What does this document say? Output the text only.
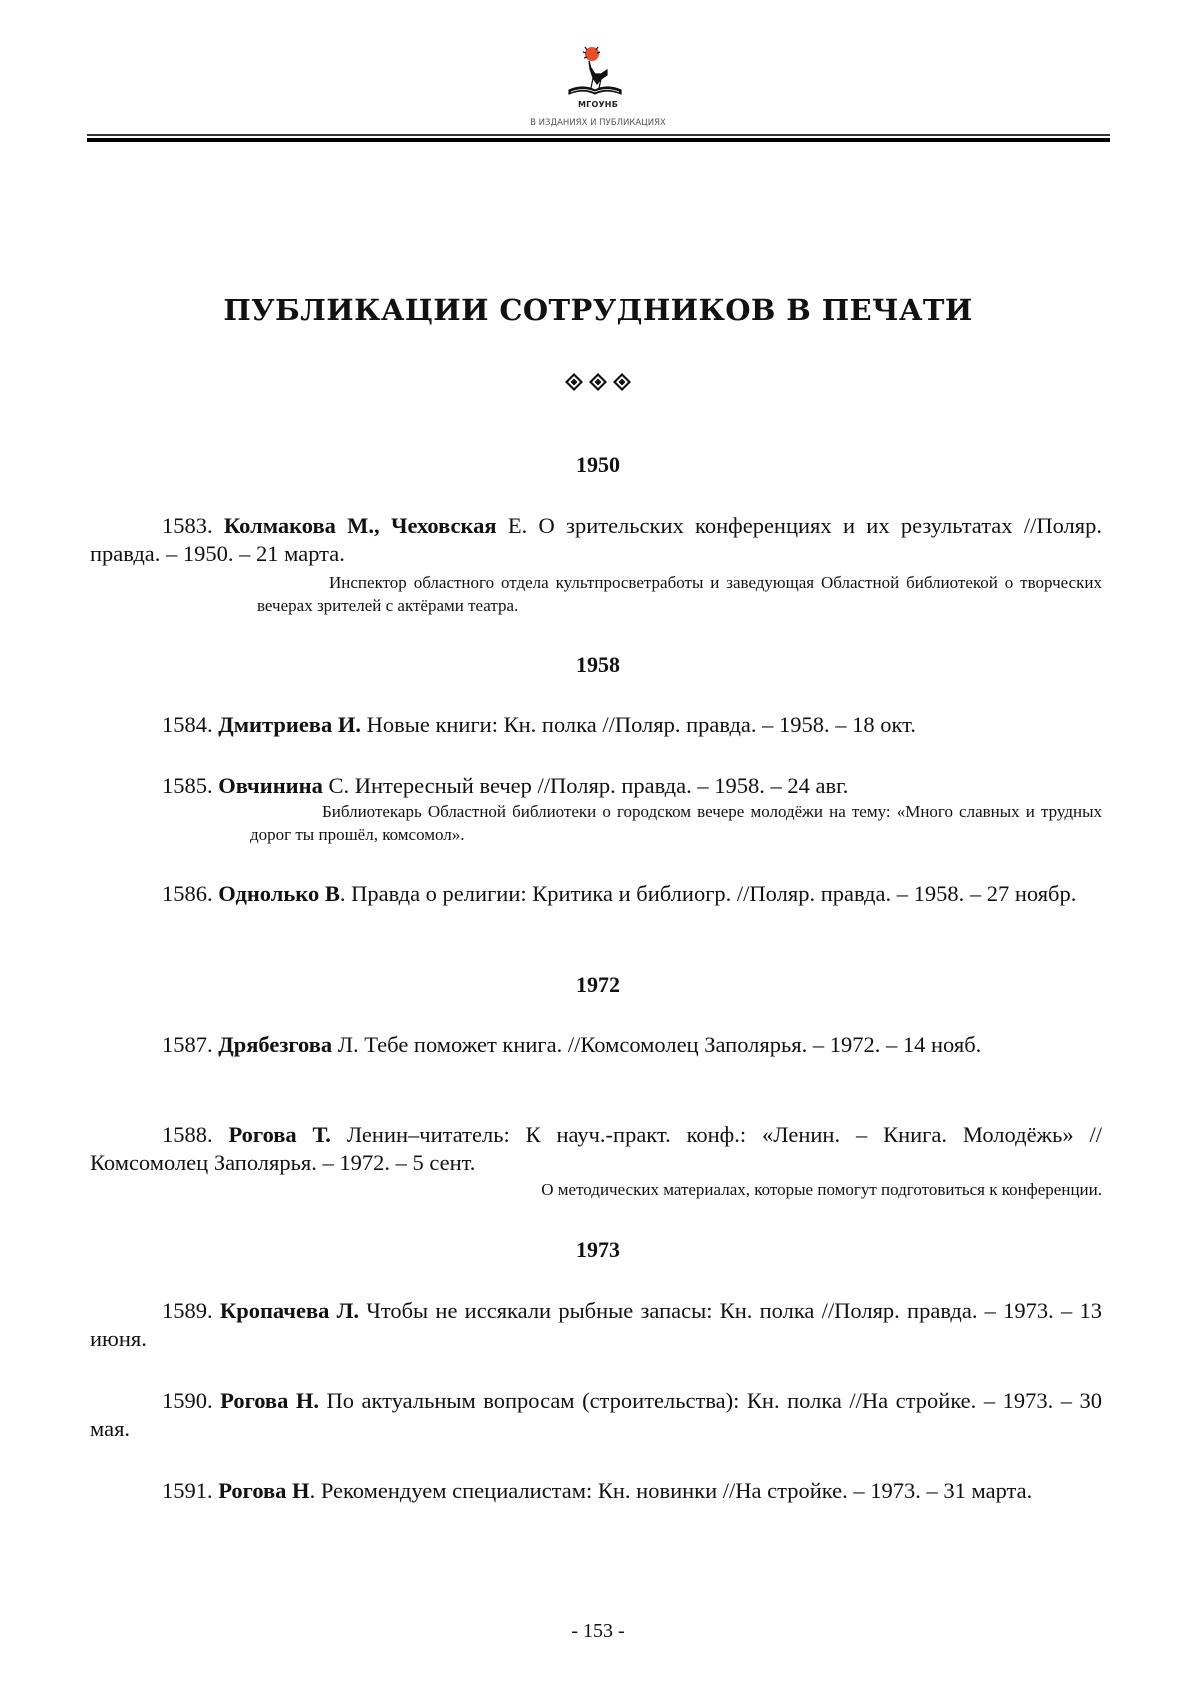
МГОУНБ
В ИЗДАНИЯХ И ПУБЛИКАЦИЯХ
ПУБЛИКАЦИИ СОТРУДНИКОВ В ПЕЧАТИ
1950
1583. Колмакова М., Чеховская Е. О зрительских конференциях и их результатах //Поляр. правда. – 1950. – 21 марта.
Инспектор областного отдела культпросветработы и заведующая Областной библиотекой о творческих вечерах зрителей с актёрами театра.
1958
1584. Дмитриева И. Новые книги: Кн. полка //Поляр. правда. – 1958. – 18 окт.
1585. Овчинина С. Интересный вечер //Поляр. правда. – 1958. – 24 авг.
Библиотекарь Областной библиотеки о городском вечере молодёжи на тему: «Много славных и трудных дорог ты прошёл, комсомол».
1586. Однолько В. Правда о религии: Критика и библиогр. //Поляр. правда. – 1958. – 27 ноябр.
1972
1587. Дрябезгова Л. Тебе поможет книга. //Комсомолец Заполярья. – 1972. – 14 нояб.
1588. Рогова Т. Ленин–читатель: К науч.-практ. конф.: «Ленин. – Книга. Молодёжь» //Комсомолец Заполярья. – 1972. – 5 сент.
О методических материалах, которые помогут подготовиться к конференции.
1973
1589. Кропачева Л. Чтобы не иссякали рыбные запасы: Кн. полка //Поляр. правда. – 1973. – 13 июня.
1590. Рогова Н. По актуальным вопросам (строительства): Кн. полка //На стройке. – 1973. – 30 мая.
1591. Рогова Н. Рекомендуем специалистам: Кн. новинки //На стройке. – 1973. – 31 марта.
- 153 -
